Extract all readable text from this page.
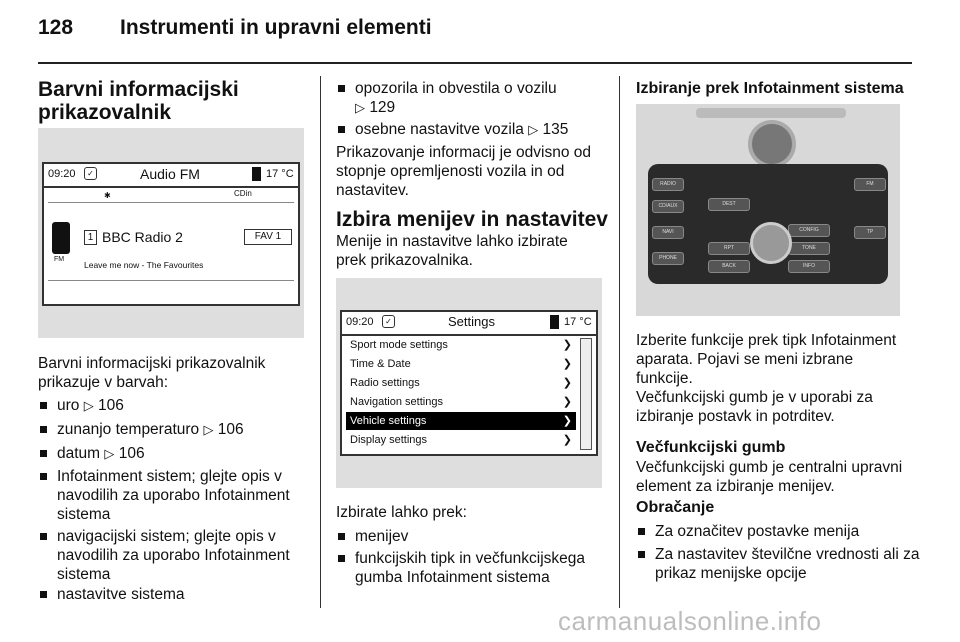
128 Instrumenti in upravni elementi
Barvni informacijski prikazovalnik
09:20	✓	Audio FM	17 °C
✱	CDin
FM
1 BBC Radio 2	FAV 1
Leave me now - The Favourites
Barvni informacijski prikazovalnik prikazuje v barvah:
uro ▷ 106
zunanjo temperaturo ▷ 106
datum ▷ 106
Infotainment sistem; glejte opis v navodilih za uporabo Infotainment sistema
navigacijski sistem; glejte opis v navodilih za uporabo Infotainment sistema
nastavitve sistema
opozorila in obvestila o vozilu
▷ 129
osebne nastavitve vozila ▷ 135
Prikazovanje informacij je odvisno od stopnje opremljenosti vozila in od nastavitev.
Izbira menijev in nastavitev
Menije in nastavitve lahko izbirate prek prikazovalnika.
09:20	✓	Settings	17 °C
Sport mode settings	❯
Time & Date	❯
Radio settings	❯
Navigation settings	❯
Vehicle settings	❯
Display settings	❯
Izbirate lahko prek:
menijev
funkcijskih tipk in večfunkcijskega gumba Infotainment sistema
Izbiranje prek Infotainment sistema
RADIO
CD/AUX
NAVI
PHONE
FM
TP
DEST
CONFIG
BACK	INFO
TONE
RPT
Izberite funkcije prek tipk Infotainment aparata. Pojavi se meni izbrane funkcije.
Večfunkcijski gumb je v uporabi za izbiranje postavk in potrditev.
Večfunkcijski gumb
Večfunkcijski gumb je centralni upravni element za izbiranje menijev.
Obračanje
Za označitev postavke menija
Za nastavitev številčne vrednosti ali za prikaz menijske opcije
carmanualsonline.info
